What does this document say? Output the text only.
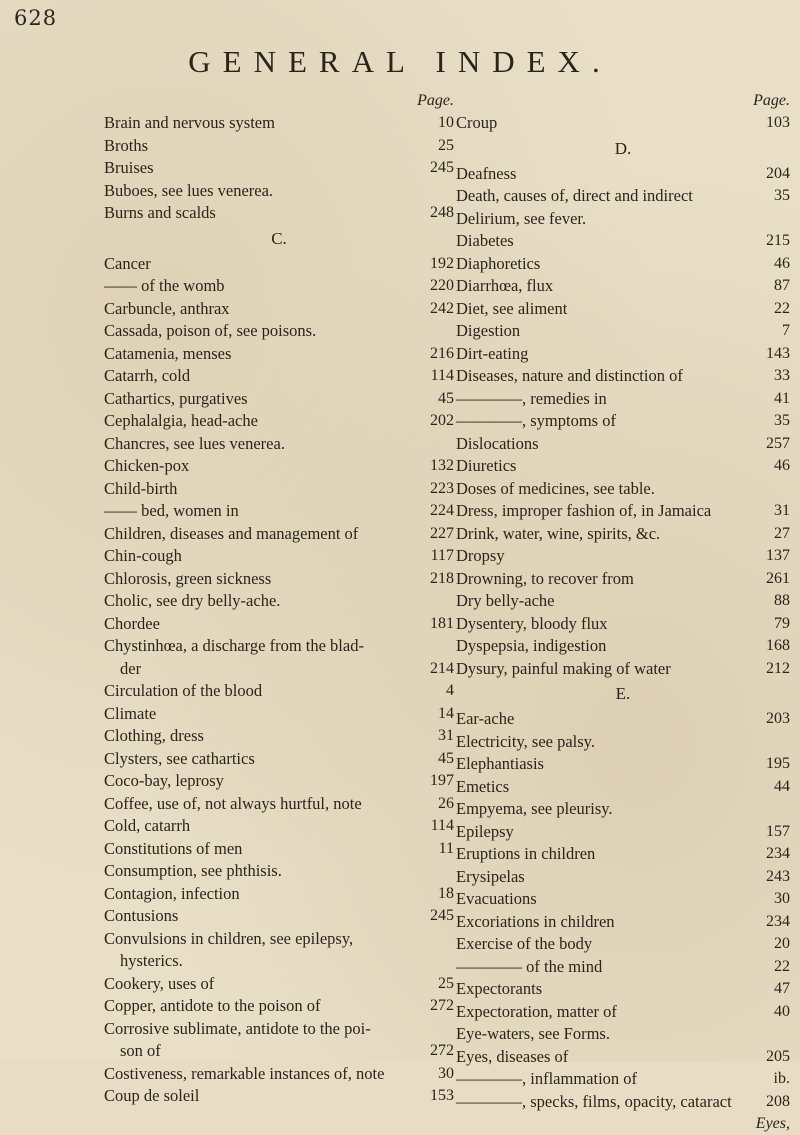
628
GENERAL INDEX.
Page.
Brain and nervous system	10
Broths	25
Bruises	245
Buboes, see lues venerea.
Burns and scalds	248
C.
Cancer	192
—— of the womb	220
Carbuncle, anthrax	242
Cassada, poison of, see poisons.
Catamenia, menses	216
Catarrh, cold	114
Cathartics, purgatives	45
Cephalalgia, head-ache	202
Chancres, see lues venerea.
Chicken-pox	132
Child-birth	223
—— bed, women in	224
Children, diseases and management of	227
Chin-cough	117
Chlorosis, green sickness	218
Cholic, see dry belly-ache.
Chordee	181
Chystinhœa, a discharge from the blad-
der	214
Circulation of the blood	4
Climate	14
Clothing, dress	31
Clysters, see cathartics	45
Coco-bay, leprosy	197
Coffee, use of, not always hurtful, note	26
Cold, catarrh	114
Constitutions of men	11
Consumption, see phthisis.
Contagion, infection	18
Contusions	245
Convulsions in children, see epilepsy,
hysterics.
Cookery, uses of	25
Copper, antidote to the poison of	272
Corrosive sublimate, antidote to the poi-
son of	272
Costiveness, remarkable instances of, note	30
Coup de soleil	153
Page.
Croup	103
D.
Deafness	204
Death, causes of, direct and indirect	35
Delirium, see fever.
Diabetes	215
Diaphoretics	46
Diarrhœa, flux	87
Diet, see aliment	22
Digestion	7
Dirt-eating	143
Diseases, nature and distinction of	33
————, remedies in	41
————, symptoms of	35
Dislocations	257
Diuretics	46
Doses of medicines, see table.
Dress, improper fashion of, in Jamaica	31
Drink, water, wine, spirits, &c.	27
Dropsy	137
Drowning, to recover from	261
Dry belly-ache	88
Dysentery, bloody flux	79
Dyspepsia, indigestion	168
Dysury, painful making of water	212
E.
Ear-ache	203
Electricity, see palsy.
Elephantiasis	195
Emetics	44
Empyema, see pleurisy.
Epilepsy	157
Eruptions in children	234
Erysipelas	243
Evacuations	30
Excoriations in children	234
Exercise of the body	20
———— of the mind	22
Expectorants	47
Expectoration, matter of	40
Eye-waters, see Forms.
Eyes, diseases of	205
————, inflammation of	ib.
————, specks, films, opacity, cataract 208
Eyes,
